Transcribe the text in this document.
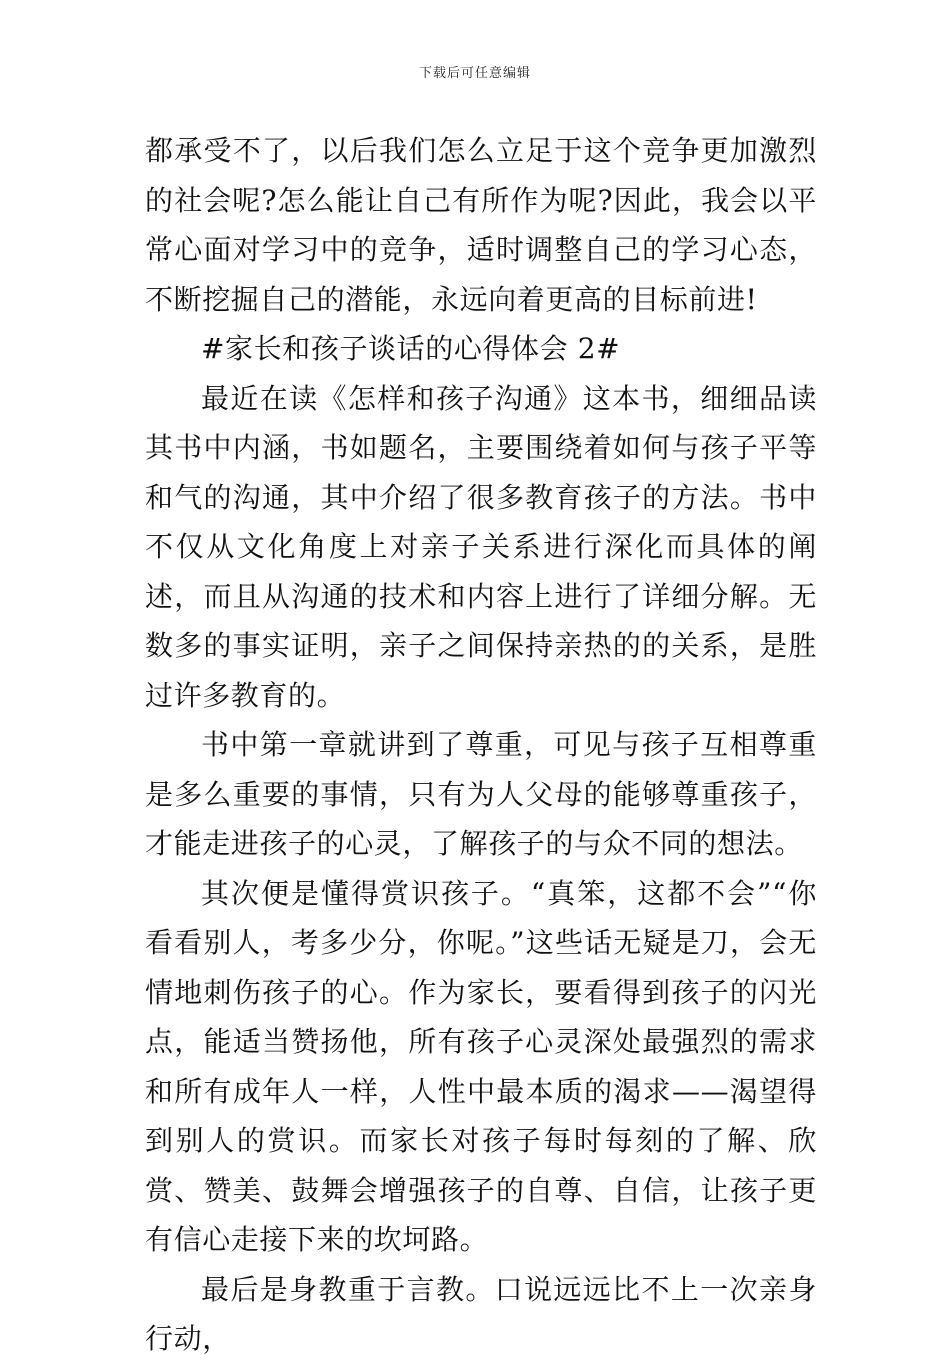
下载后可任意编辑

都承受不了，以后我们怎么立足于这个竞争更加激烈的社会呢?怎么能让自己有所作为呢?因此，我会以平常心面对学习中的竞争，适时调整自己的学习心态，不断挖掘自己的潜能，永远向着更高的目标前进!

#家长和孩子谈话的心得体会 2#

最近在读《怎样和孩子沟通》这本书，细细品读其书中内涵，书如题名，主要围绕着如何与孩子平等和气的沟通，其中介绍了很多教育孩子的方法。书中不仅从文化角度上对亲子关系进行深化而具体的阐述，而且从沟通的技术和内容上进行了详细分解。无数多的事实证明，亲子之间保持亲热的的关系，是胜过许多教育的。

书中第一章就讲到了尊重，可见与孩子互相尊重是多么重要的事情，只有为人父母的能够尊重孩子，才能走进孩子的心灵，了解孩子的与众不同的想法。

其次便是懂得赏识孩子。“真笨，这都不会”“你看看别人，考多少分，你呢。”这些话无疑是刀，会无情地刺伤孩子的心。作为家长，要看得到孩子的闪光点，能适当赞扬他，所有孩子心灵深处最强烈的需求和所有成年人一样，人性中最本质的渴求——渴望得到别人的赏识。而家长对孩子每时每刻的了解、欣赏、赞美、鼓舞会增强孩子的自尊、自信，让孩子更有信心走接下来的坎坷路。

最后是身教重于言教。口说远远比不上一次亲身行动，
